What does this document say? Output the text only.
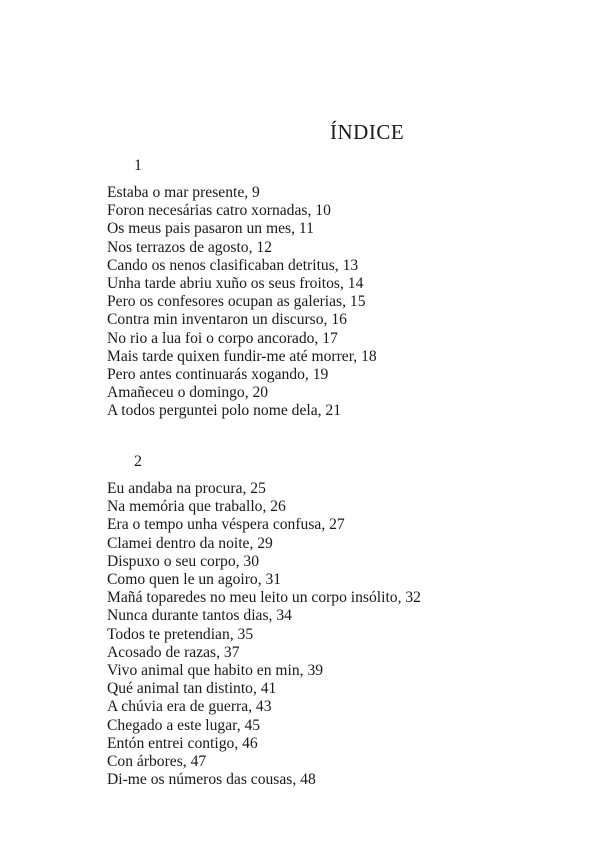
ÍNDICE
1
Estaba o mar presente, 9
Foron necesárias catro xornadas, 10
Os meus pais pasaron un mes, 11
Nos terrazos de agosto, 12
Cando os nenos clasificaban detritus, 13
Unha tarde abriu xuño os seus froitos, 14
Pero os confesores ocupan as galerias, 15
Contra min inventaron un discurso, 16
No rio a lua foi o corpo ancorado, 17
Mais tarde quixen fundir-me até morrer, 18
Pero antes continuarás xogando, 19
Amañeceu o domingo, 20
A todos perguntei polo nome dela, 21
2
Eu andaba na procura, 25
Na memória que traballo, 26
Era o tempo unha véspera confusa, 27
Clamei dentro da noite, 29
Dispuxo o seu corpo, 30
Como quen le un agoiro, 31
Mañá toparedes no meu leito un corpo insólito, 32
Nunca durante tantos dias, 34
Todos te pretendian, 35
Acosado de razas, 37
Vivo animal que habito en min, 39
Qué animal tan distinto, 41
A chúvia era de guerra, 43
Chegado a este lugar, 45
Entón entrei contigo, 46
Con árbores, 47
Di-me os números das cousas, 48
